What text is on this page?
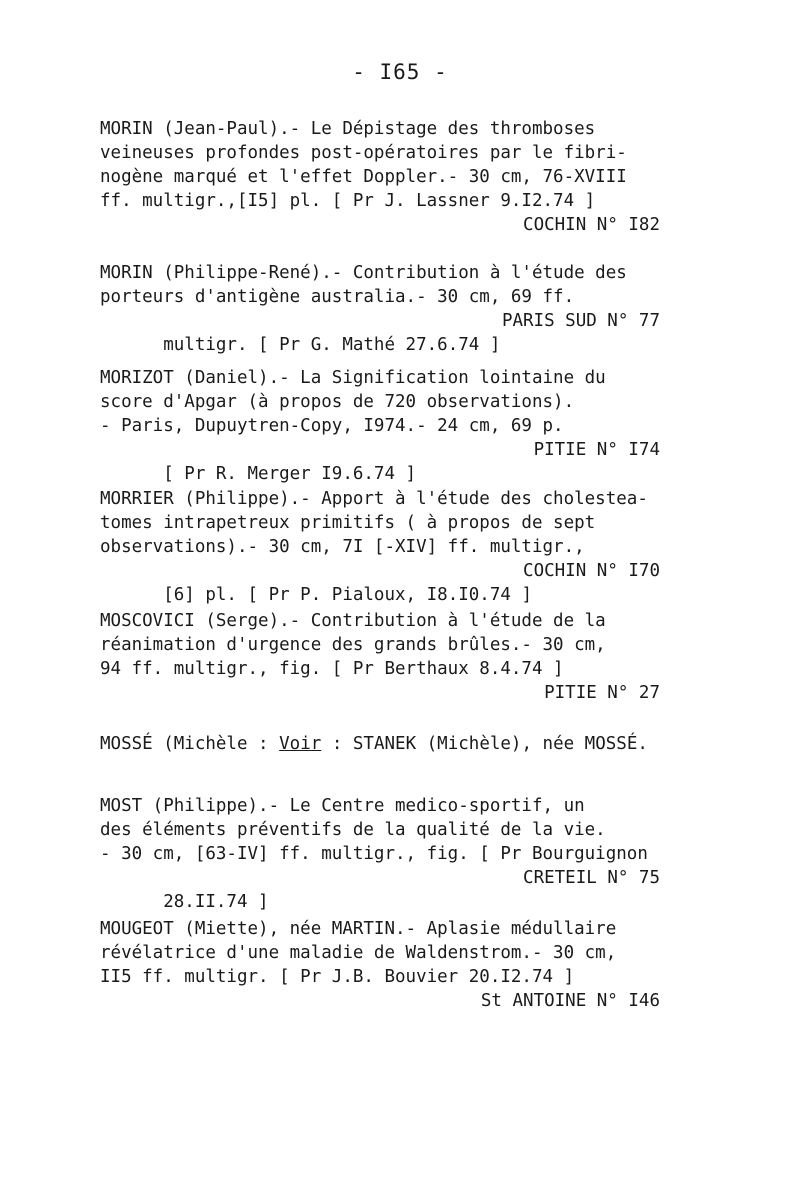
- I65 -
MORIN (Jean-Paul).- Le Dépistage des thromboses
veineuses profondes post-opératoires par le fibri-
nogène marqué et l'effet Doppler.- 30 cm, 76-XVIII
ff. multigr.,[I5] pl. [ Pr J. Lassner 9.I2.74 ]
COCHIN N° I82
MORIN (Philippe-René).- Contribution à l'étude des
porteurs d'antigène australia.- 30 cm, 69 ff.

multigr. [ Pr G. Mathé 27.6.74 ]

PARIS SUD N° 77

MORIZOT (Daniel).- La Signification lointaine du
score d'Apgar (à propos de 720 observations).
- Paris, Dupuytren-Copy, I974.- 24 cm, 69 p.

[ Pr R. Merger I9.6.74 ]

PITIE N° I74

MORRIER (Philippe).- Apport à l'étude des cholestea-
tomes intrapetreux primitifs ( à propos de sept
observations).- 30 cm, 7I [-XIV] ff. multigr.,

[6] pl. [ Pr P. Pialoux, I8.I0.74 ]

COCHIN N° I70

MOSCOVICI (Serge).- Contribution à l'étude de la
réanimation d'urgence des grands brûles.- 30 cm,
94 ff. multigr., fig. [ Pr Berthaux 8.4.74 ]
PITIE N° 27
MOSSÉ (Michèle : Voir : STANEK (Michèle), née MOSSÉ.
MOST (Philippe).- Le Centre medico-sportif, un
des éléments préventifs de la qualité de la vie.
- 30 cm, [63-IV] ff. multigr., fig. [ Pr Bourguignon

28.II.74 ]

CRETEIL N° 75

MOUGEOT (Miette), née MARTIN.- Aplasie médullaire
révélatrice d'une maladie de Waldenstrom.- 30 cm,
II5 ff. multigr. [ Pr J.B. Bouvier 20.I2.74 ]
St ANTOINE N° I46
